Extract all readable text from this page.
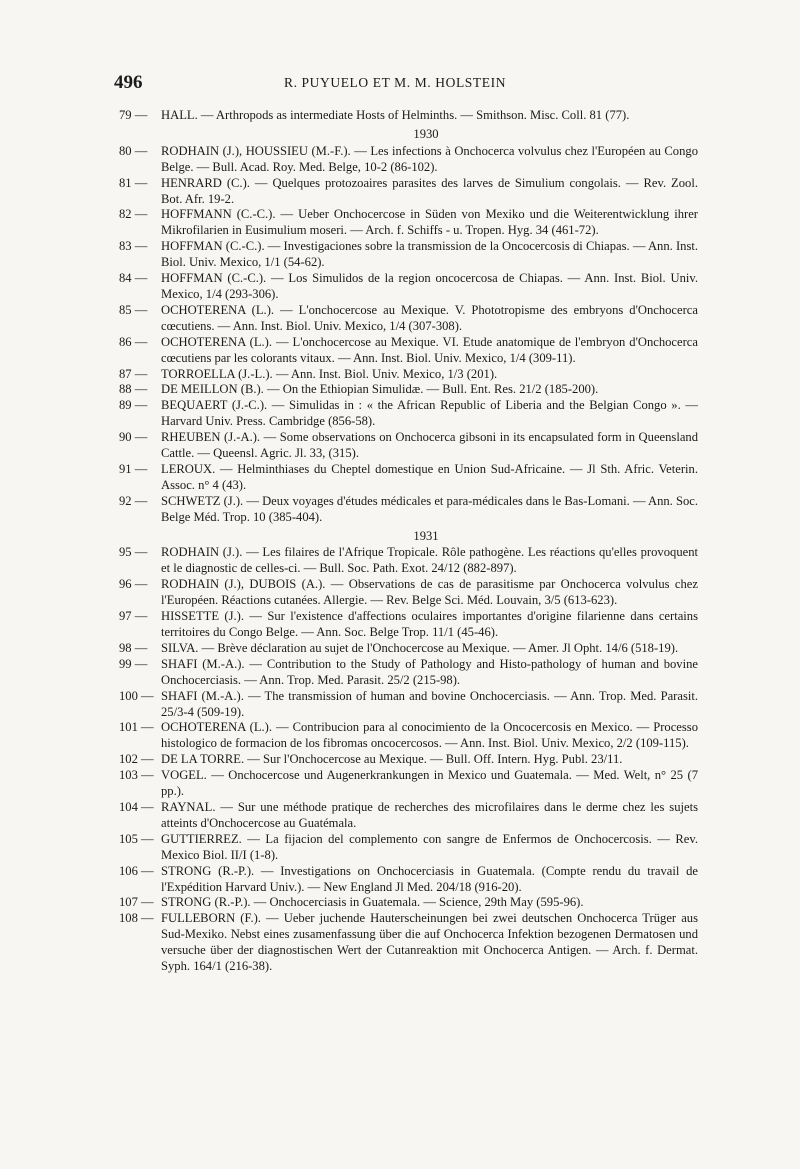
496	R. PUYUELO ET M. M. HOLSTEIN
79 — HALL. — Arthropods as intermediate Hosts of Helminths. — Smithson. Misc. Coll. 81 (77).
1930
80 — RODHAIN (J.), HOUSSIEU (M.-F.). — Les infections à Onchocerca volvulus chez l'Européen au Congo Belge. — Bull. Acad. Roy. Med. Belge, 10-2 (86-102).
81 — HENRARD (C.). — Quelques protozoaires parasites des larves de Simulium congolais. — Rev. Zool. Bot. Afr. 19-2.
82 — HOFFMANN (C.-C.). — Ueber Onchocercose in Süden von Mexiko und die Weiterentwicklung ihrer Mikrofilarien in Eusimulium moseri. — Arch. f. Schiffs - u. Tropen. Hyg. 34 (461-72).
83 — HOFFMAN (C.-C.). — Investigaciones sobre la transmission de la Oncocercosis di Chiapas. — Ann. Inst. Biol. Univ. Mexico, 1/1 (54-62).
84 — HOFFMAN (C.-C.). — Los Simulidos de la region oncocercosa de Chiapas. — Ann. Inst. Biol. Univ. Mexico, 1/4 (293-306).
85 — OCHOTERENA (L.). — L'onchocercose au Mexique. V. Phototropisme des embryons d'Onchocerca cœcutiens. — Ann. Inst. Biol. Univ. Mexico, 1/4 (307-308).
86 — OCHOTERENA (L.). — L'onchocercose au Mexique. VI. Etude anatomique de l'embryon d'Onchocerca cœcutiens par les colorants vitaux. — Ann. Inst. Biol. Univ. Mexico, 1/4 (309-11).
87 — TORROELLA (J.-L.). — Ann. Inst. Biol. Univ. Mexico, 1/3 (201).
88 — DE MEILLON (B.). — On the Ethiopian Simulidæ. — Bull. Ent. Res. 21/2 (185-200).
89 — BEQUAERT (J.-C.). — Simulidas in : « the African Republic of Liberia and the Belgian Congo ». — Harvard Univ. Press. Cambridge (856-58).
90 — RHEUBEN (J.-A.). — Some observations on Onchocerca gibsoni in its encapsulated form in Queensland Cattle. — Queensl. Agric. Jl. 33, (315).
91 — LEROUX. — Helminthiases du Cheptel domestique en Union Sud-Africaine. — Jl Sth. Afric. Veterin. Assoc. n° 4 (43).
92 — SCHWETZ (J.). — Deux voyages d'études médicales et para-médicales dans le Bas-Lomani. — Ann. Soc. Belge Méd. Trop. 10 (385-404).
1931
95 — RODHAIN (J.). — Les filaires de l'Afrique Tropicale. Rôle pathogène. Les réactions qu'elles provoquent et le diagnostic de celles-ci. — Bull. Soc. Path. Exot. 24/12 (882-897).
96 — RODHAIN (J.), DUBOIS (A.). — Observations de cas de parasitisme par Onchocerca volvulus chez l'Européen. Réactions cutanées. Allergie. — Rev. Belge Sci. Méd. Louvain, 3/5 (613-623).
97 — HISSETTE (J.). — Sur l'existence d'affections oculaires importantes d'origine filarienne dans certains territoires du Congo Belge. — Ann. Soc. Belge Trop. 11/1 (45-46).
98 — SILVA. — Brève déclaration au sujet de l'Onchocercose au Mexique. — Amer. Jl Opht. 14/6 (518-19).
99 — SHAFI (M.-A.). — Contribution to the Study of Pathology and Histo-pathology of human and bovine Onchocerciasis. — Ann. Trop. Med. Parasit. 25/2 (215-98).
100 — SHAFI (M.-A.). — The transmission of human and bovine Onchocerciasis. — Ann. Trop. Med. Parasit. 25/3-4 (509-19).
101 — OCHOTERENA (L.). — Contribucion para al conocimiento de la Oncocercosis en Mexico. — Processo histologico de formacion de los fibromas oncocercosos. — Ann. Inst. Biol. Univ. Mexico, 2/2 (109-115).
102 — DE LA TORRE. — Sur l'Onchocercose au Mexique. — Bull. Off. Intern. Hyg. Publ. 23/11.
103 — VOGEL. — Onchocercose und Augenerkrankungen in Mexico und Guatemala. — Med. Welt, n° 25 (7 pp.).
104 — RAYNAL. — Sur une méthode pratique de recherches des microfilaires dans le derme chez les sujets atteints d'Onchocercose au Guatémala.
105 — GUTTIERREZ. — La fijacion del complemento con sangre de Enfermos de Onchocercosis. — Rev. Mexico Biol. II/I (1-8).
106 — STRONG (R.-P.). — Investigations on Onchocerciasis in Guatemala. (Compte rendu du travail de l'Expédition Harvard Univ.). — New England Jl Med. 204/18 (916-20).
107 — STRONG (R.-P.). — Onchocerciasis in Guatemala. — Science, 29th May (595-96).
108 — FULLEBORN (F.). — Ueber juchende Hauterscheinungen bei zwei deutschen Onchocerca Trüger aus Sud-Mexiko. Nebst eines zusamenfassung über die auf Onchocerca Infektion bezogenen Dermatosen und versuche über der diagnostischen Wert der Cutanreaktion mit Onchocerca Antigen. — Arch. f. Dermat. Syph. 164/1 (216-38).
